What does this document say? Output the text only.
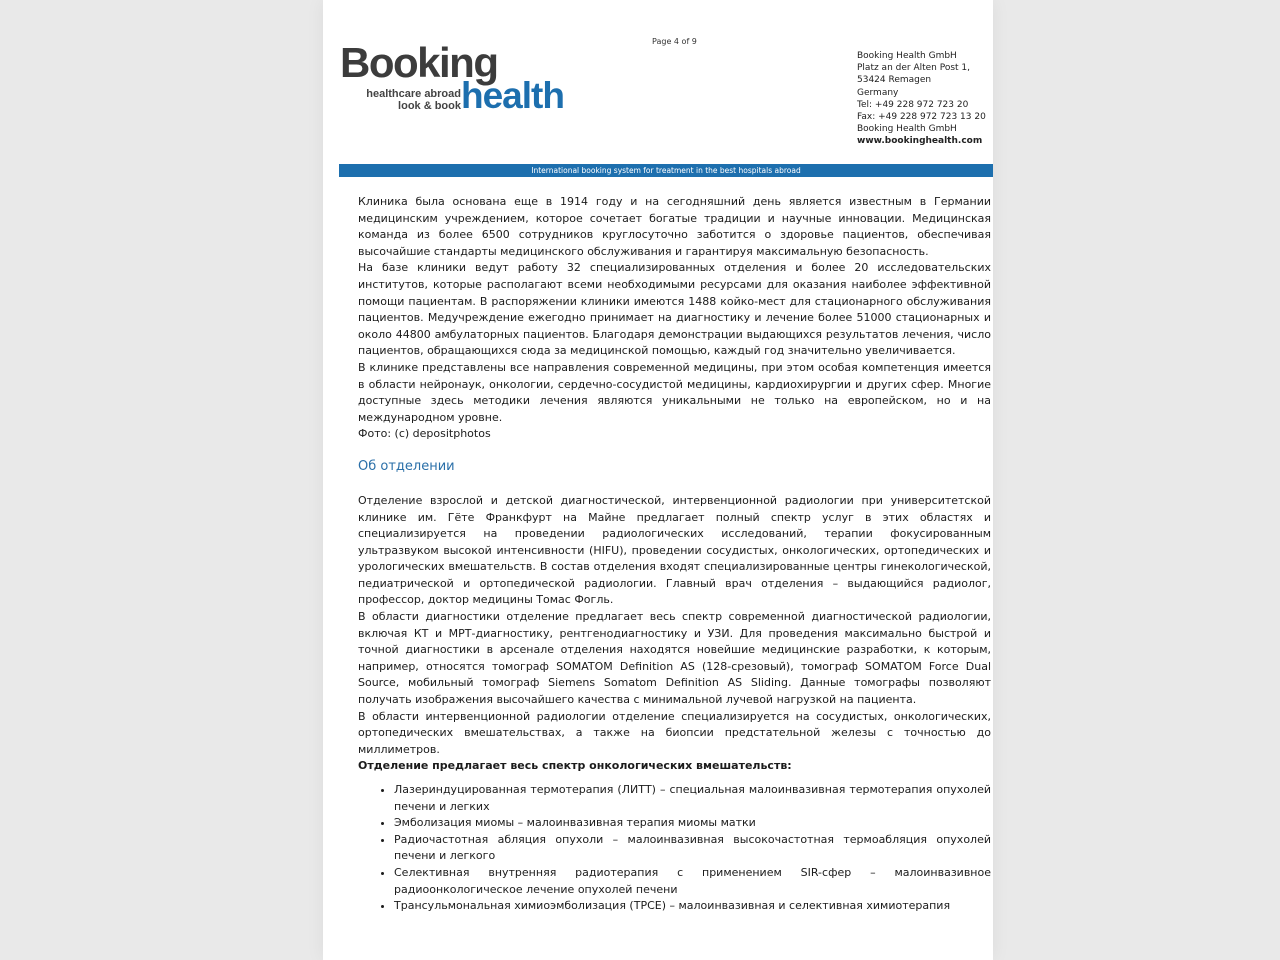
Page 4 of 9
Booking
healthcare abroad
look & book health
Booking Health GmbH
Platz an der Alten Post 1,
53424 Remagen
Germany
Tel: +49 228 972 723 20
Fax: +49 228 972 723 13 20
Booking Health GmbH
www.bookinghealth.com
International booking system for treatment in the best hospitals abroad

Клиника была основана еще в 1914 году и на сегодняшний день является известным в Германии медицинским учреждением, которое сочетает богатые традиции и научные инновации. Медицинская команда из более 6500 сотрудников круглосуточно заботится о здоровье пациентов, обеспечивая высочайшие стандарты медицинского обслуживания и гарантируя максимальную безопасность.

На базе клиники ведут работу 32 специализированных отделения и более 20 исследовательских институтов, которые располагают всеми необходимыми ресурсами для оказания наиболее эффективной помощи пациентам. В распоряжении клиники имеются 1488 койко-мест для стационарного обслуживания пациентов. Медучреждение ежегодно принимает на диагностику и лечение более 51000 стационарных и около 44800 амбулаторных пациентов. Благодаря демонстрации выдающихся результатов лечения, число пациентов, обращающихся сюда за медицинской помощью, каждый год значительно увеличивается.

В клинике представлены все направления современной медицины, при этом особая компетенция имеется в области нейронаук, онкологии, сердечно-сосудистой медицины, кардиохирургии и других сфер. Многие доступные здесь методики лечения являются уникальными не только на европейском, но и на международном уровне.

Фото: (с) depositphotos

Об отделении

Отделение взрослой и детской диагностической, интервенционной радиологии при университетской клинике им. Гёте Франкфурт на Майне предлагает полный спектр услуг в этих областях и специализируется на проведении радиологических исследований, терапии фокусированным ультразвуком высокой интенсивности (HIFU), проведении сосудистых, онкологических, ортопедических и урологических вмешательств. В состав отделения входят специализированные центры гинекологической, педиатрической и ортопедической радиологии. Главный врач отделения – выдающийся радиолог, профессор, доктор медицины Томас Фогль.

В области диагностики отделение предлагает весь спектр современной диагностической радиологии, включая КТ и МРТ-диагностику, рентгенодиагностику и УЗИ. Для проведения максимально быстрой и точной диагностики в арсенале отделения находятся новейшие медицинские разработки, к которым, например, относятся томограф SOMATOM Definition AS (128-срезовый), томограф SOMATOM Force Dual Source, мобильный томограф Siemens Somatom Definition AS Sliding. Данные томографы позволяют получать изображения высочайшего качества с минимальной лучевой нагрузкой на пациента.

В области интервенционной радиологии отделение специализируется на сосудистых, онкологических, ортопедических вмешательствах, а также на биопсии предстательной железы с точностью до миллиметров.

Отделение предлагает весь спектр онкологических вмешательств:

• Лазериндуцированная термотерапия (ЛИТТ) – специальная малоинвазивная термотерапия опухолей печени и легких
• Эмболизация миомы – малоинвазивная терапия миомы матки
• Радиочастотная абляция опухоли – малоинвазивная высокочастотная термоабляция опухолей печени и легкого
• Селективная внутренняя радиотерапия с применением SIR-сфер – малоинвазивное радиоонкологическое лечение опухолей печени
• Трансульмональная химиоэмболизация (ТРСЕ) – малоинвазивная и селективная химиотерапия
